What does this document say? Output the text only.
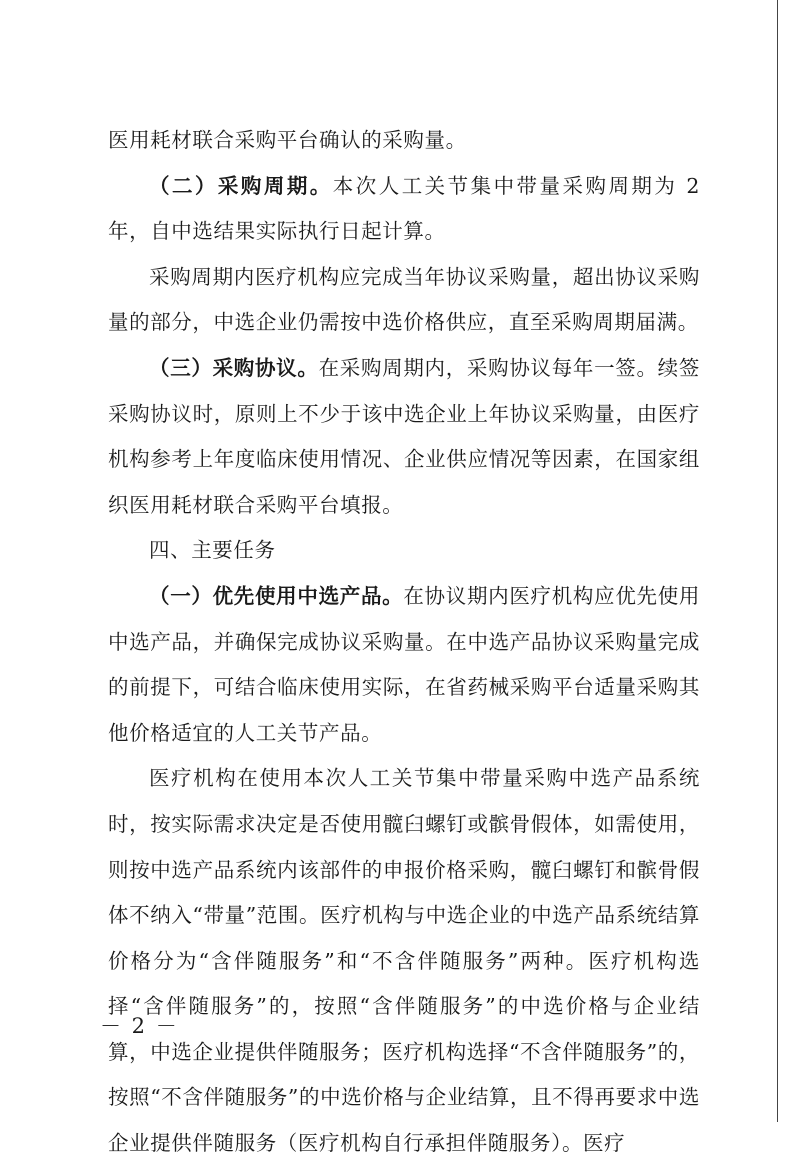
医用耗材联合采购平台确认的采购量。

（二）采购周期。本次人工关节集中带量采购周期为 2 年，自中选结果实际执行日起计算。

采购周期内医疗机构应完成当年协议采购量，超出协议采购量的部分，中选企业仍需按中选价格供应，直至采购周期届满。

（三）采购协议。在采购周期内，采购协议每年一签。续签采购协议时，原则上不少于该中选企业上年协议采购量，由医疗机构参考上年度临床使用情况、企业供应情况等因素，在国家组织医用耗材联合采购平台填报。

四、主要任务

（一）优先使用中选产品。在协议期内医疗机构应优先使用中选产品，并确保完成协议采购量。在中选产品协议采购量完成的前提下，可结合临床使用实际，在省药械采购平台适量采购其他价格适宜的人工关节产品。

医疗机构在使用本次人工关节集中带量采购中选产品系统时，按实际需求决定是否使用髋臼螺钉或髌骨假体，如需使用，则按中选产品系统内该部件的申报价格采购，髋臼螺钉和髌骨假体不纳入“带量”范围。医疗机构与中选企业的中选产品系统结算价格分为“含伴随服务”和“不含伴随服务”两种。医疗机构选择“含伴随服务”的，按照“含伴随服务”的中选价格与企业结算，中选企业提供伴随服务；医疗机构选择“不含伴随服务”的，按照“不含伴随服务”的中选价格与企业结算，且不得再要求中选企业提供伴随服务（医疗机构自行承担伴随服务）。医疗

－ 2 －
